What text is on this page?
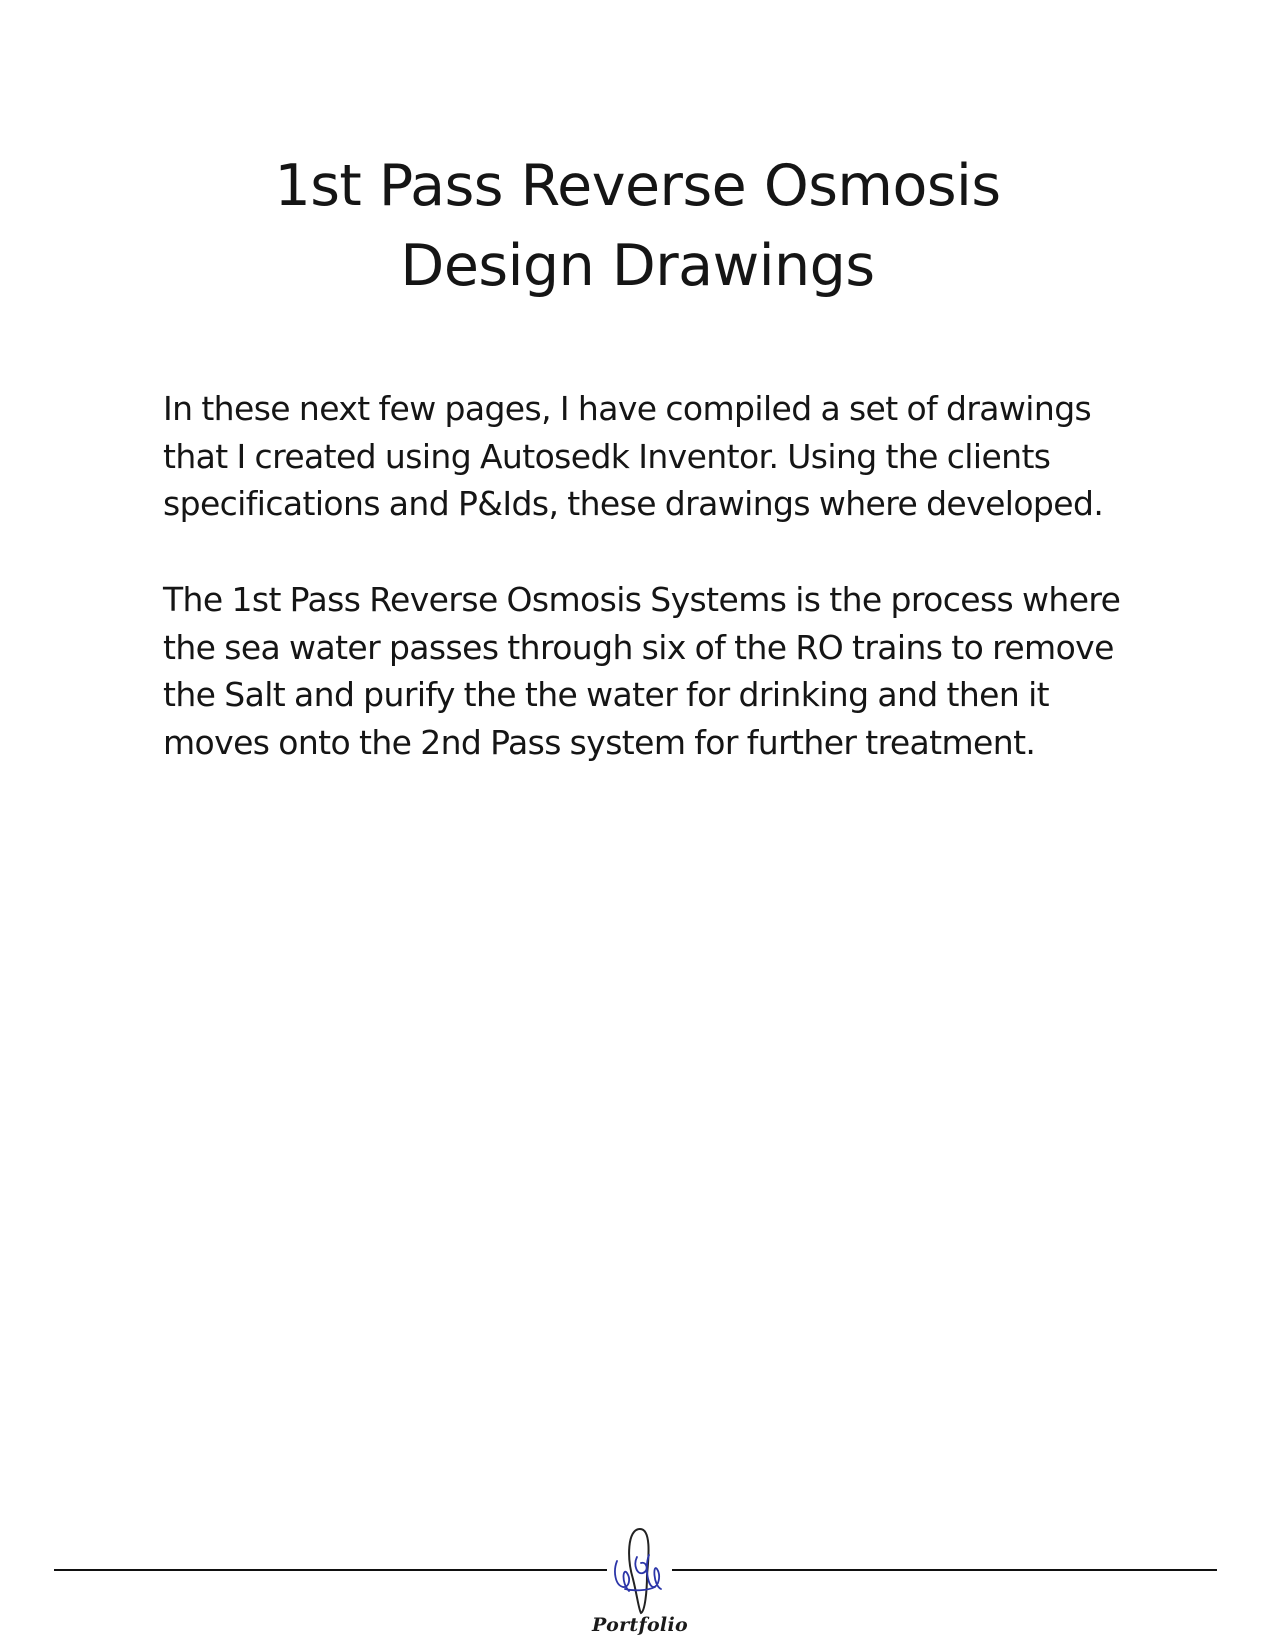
1st Pass Reverse Osmosis
Design Drawings

In these next few pages, I have compiled a set of drawings
that I created using Autosedk Inventor. Using the clients
specifications and P&Ids, these drawings where developed.

The 1st Pass Reverse Osmosis Systems is the process where
the sea water passes through six of the RO trains to remove
the Salt and purify the the water for drinking and then it
moves onto the 2nd Pass system for further treatment.

Portfolio
